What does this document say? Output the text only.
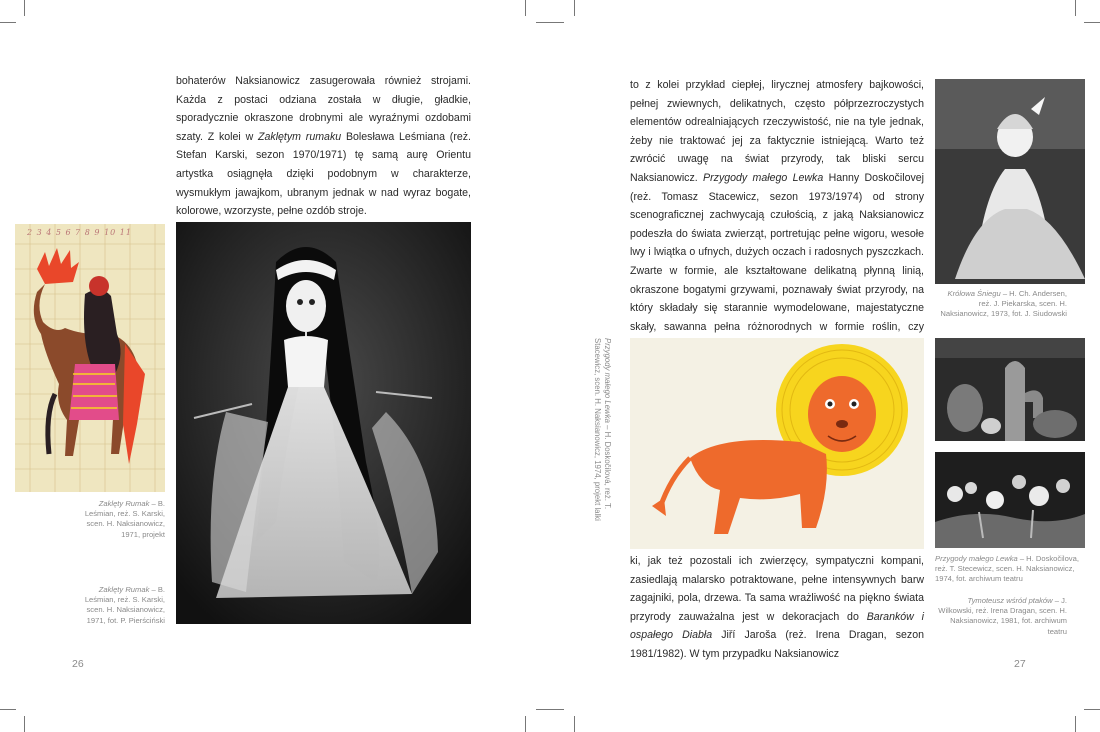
bohaterów Naksianowicz zasugerowała również strojami. Każda z postaci odziana została w długie, gładkie, sporadycznie okraszone drobnymi ale wyraźnymi ozdobami szaty. Z kolei w Zaklętym rumaku Bolesława Leśmiana (reż. Stefan Karski, sezon 1970/1971) tę samą aurę Orientu artystka osiągnęła dzięki podobnym w charakterze, wysmukłym jawajkom, ubranym jednak w nad wyraz bogate, kolorowe, wzorzyste, pełne ozdób stroje.

2 3 4 5 6 7 8 9 10 11
Zaklęty Rumak – B. Leśmian, reż. S. Karski, scen. H. Naksianowicz, 1971, projekt
Zaklęty Rumak – B. Leśmian, reż. S. Karski, scen. H. Naksianowicz, 1971, fot. P. Pierściński
26

to z kolei przykład ciepłej, lirycznej atmosfery bajkowości, pełnej zwiewnych, delikatnych, często półprzezroczystych elementów odrealniających rzeczywistość, nie na tyle jednak, żeby nie traktować jej za faktycznie istniejącą. Warto też zwrócić uwagę na świat przyrody, tak bliski sercu Naksianowicz. Przygody małego Lewka Hanny Doskočilovej (reż. Tomasz Stacewicz, sezon 1973/1974) od strony scenograficznej zachwycają czułością, z jaką Naksianowicz podeszła do świata zwierząt, portretując pełne wigoru, wesołe lwy i lwiątka o ufnych, dużych oczach i radosnych pyszczkach. Zwarte w formie, ale kształtowane delikatną płynną linią, okraszone bogatymi grzywami, poznawały świat przyrody, na który składały się starannie wymodelowane, majestatyczne skały, sawanna pełna różnorodnych w formie roślin, czy

Królowa Śniegu – H. Ch. Andersen, reż. J. Piekarska, scen. H. Naksianowicz, 1973, fot. J. Siudowski
Przygody małego Lewka – H. Doskočilová, reż. T. Stacewicz, scen. H. Naksianowicz, 1974, projekt lalki

ki, jak też pozostali ich zwierzęcy, sympatyczni kompani, zasiedlają malarsko potraktowane, pełne intensywnych barw zagajniki, pola, drzewa. Ta sama wrażliwość na piękno świata przyrody zauważalna jest w dekoracjach do Baranków i ospałego Diabła Jiří Jaroša (reż. Irena Dragan, sezon 1981/1982). W tym przypadku Naksianowicz

Przygody małego Lewka – H. Doskočilova, reż. T. Stecewicz, scen. H. Naksianowicz, 1974, fot. archiwum teatru
Tymoteusz wśród ptaków – J. Wilkowski, reż. Irena Dragan, scen. H. Naksianowicz, 1981, fot. archiwum teatru
27
